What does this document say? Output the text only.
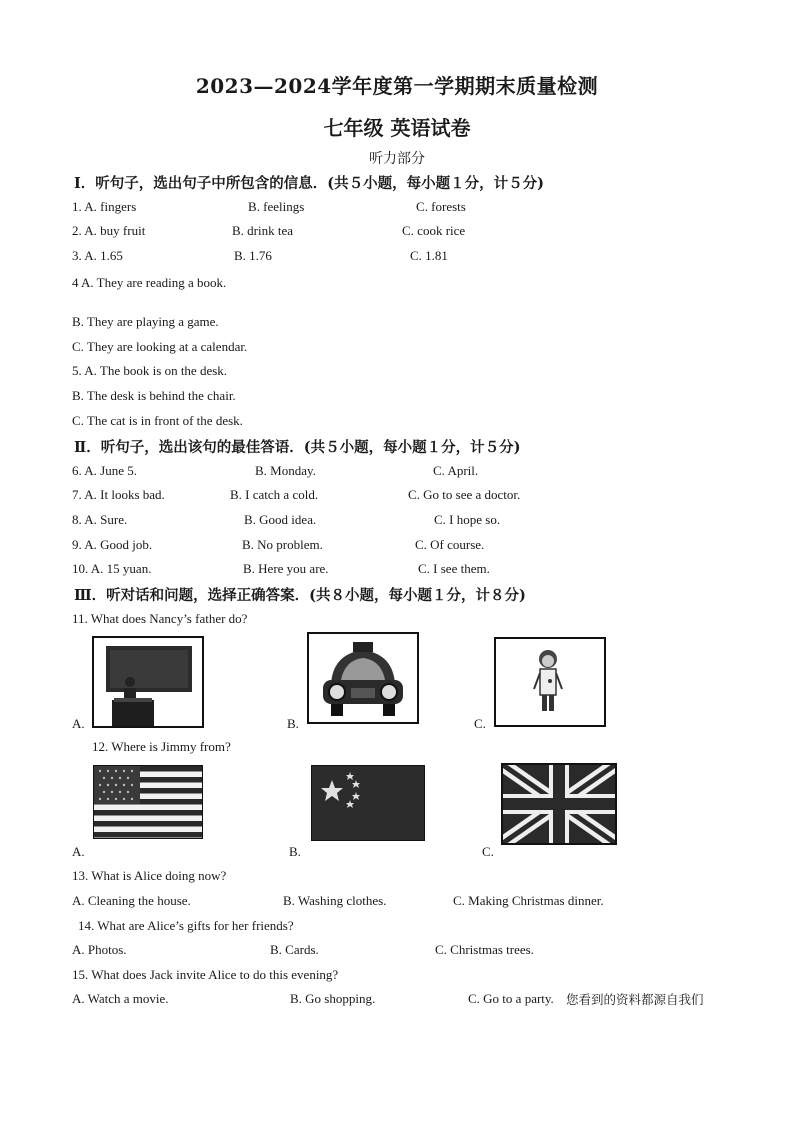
2023—2024学年度第一学期期末质量检测
七年级 英语试卷
听力部分
Ⅰ．听句子，选出句子中所包含的信息．(共５小题，每小题１分，计５分)
1. A. fingers	B. feelings	C. forests
2. A. buy fruit	B. drink tea	C. cook rice
3. A. 1.65	B. 1.76	C. 1.81
4 A. They are reading a book.
B. They are playing a game.
C. They are looking at a calendar.
5. A. The book is on the desk.
B. The desk is behind the chair.
C. The cat is in front of the desk.
Ⅱ．听句子，选出该句的最佳答语．(共５小题，每小题１分，计５分)
6. A. June 5.	B. Monday.	C. April.
7. A. It looks bad.	B. I catch a cold.	C. Go to see a doctor.
8. A. Sure.	B. Good idea.	C. I hope so.
9. A. Good job.	B. No problem.	C. Of course.
10. A. 15 yuan.	B. Here you are.	C. I see them.
Ⅲ．听对话和问题，选择正确答案．(共８小题，每小题１分，计８分)
11. What does Nancy’s father do?
A.	B.	C.
12. Where is Jimmy from?
A.	B.	C.
13. What is Alice doing now?
A. Cleaning the house.	B. Washing clothes.	C. Making Christmas dinner.
14. What are Alice’s gifts for her friends?
A. Photos.	B. Cards.	C. Christmas trees.
15. What does Jack invite Alice to do this evening?
A. Watch a movie.	B. Go shopping.	C. Go to a party. 您看到的资料都源自我们
